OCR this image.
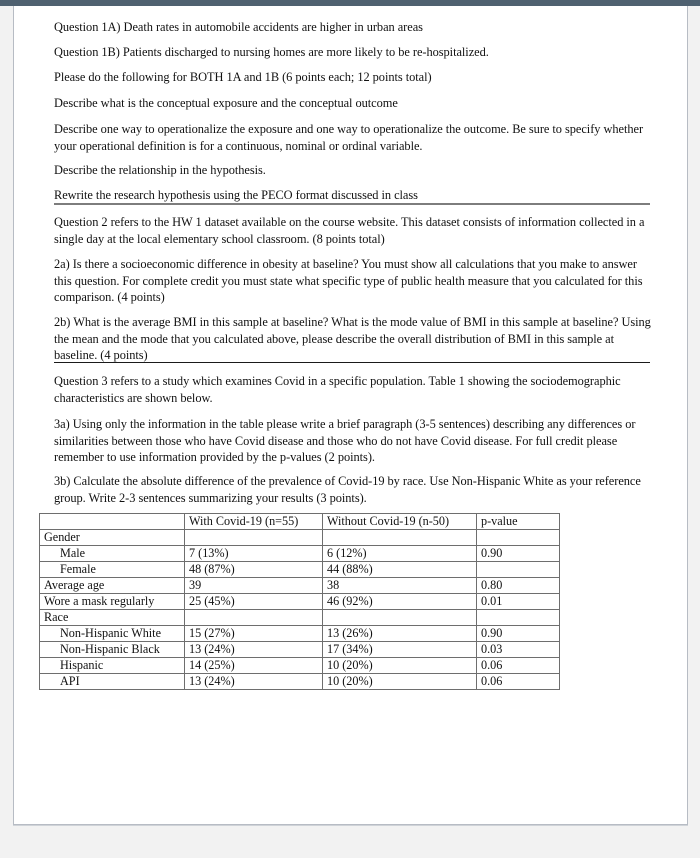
Question 1A) Death rates in automobile accidents are higher in urban areas

Question 1B) Patients discharged to nursing homes are more likely to be re-hospitalized.

Please do the following for BOTH 1A and 1B (6 points each; 12 points total)

Describe what is the conceptual exposure and the conceptual outcome

Describe one way to operationalize the exposure and one way to operationalize the outcome. Be sure to specify whether your operational definition is for a continuous, nominal or ordinal variable.

Describe the relationship in the hypothesis.

Rewrite the research hypothesis using the PECO format discussed in class

Question 2 refers to the HW 1 dataset available on the course website. This dataset consists of information collected in a single day at the local elementary school classroom. (8 points total)

2a) Is there a socioeconomic difference in obesity at baseline? You must show all calculations that you make to answer this question. For complete credit you must state what specific type of public health measure that you calculated for this comparison. (4 points)

2b) What is the average BMI in this sample at baseline? What is the mode value of BMI in this sample at baseline? Using the mean and the mode that you calculated above, please describe the overall distribution of BMI in this sample at baseline. (4 points)

Question 3 refers to a study which examines Covid in a specific population. Table 1 showing the sociodemographic characteristics are shown below.

3a) Using only the information in the table please write a brief paragraph (3-5 sentences) describing any differences or similarities between those who have Covid disease and those who do not have Covid disease. For full credit please remember to use information provided by the p-values (2 points).

3b) Calculate the absolute difference of the prevalence of Covid-19 by race. Use Non-Hispanic White as your reference group. Write 2-3 sentences summarizing your results (3 points).

	With Covid-19 (n=55)	Without Covid-19 (n-50)	p-value
Gender			
Male	7 (13%)	6 (12%)	0.90
Female	48 (87%)	44 (88%)	
Average age	39	38	0.80
Wore a mask regularly	25 (45%)	46 (92%)	0.01
Race			
Non-Hispanic White	15 (27%)	13 (26%)	0.90
Non-Hispanic Black	13 (24%)	17 (34%)	0.03
Hispanic	14 (25%)	10 (20%)	0.06
API	13 (24%)	10 (20%)	0.06
